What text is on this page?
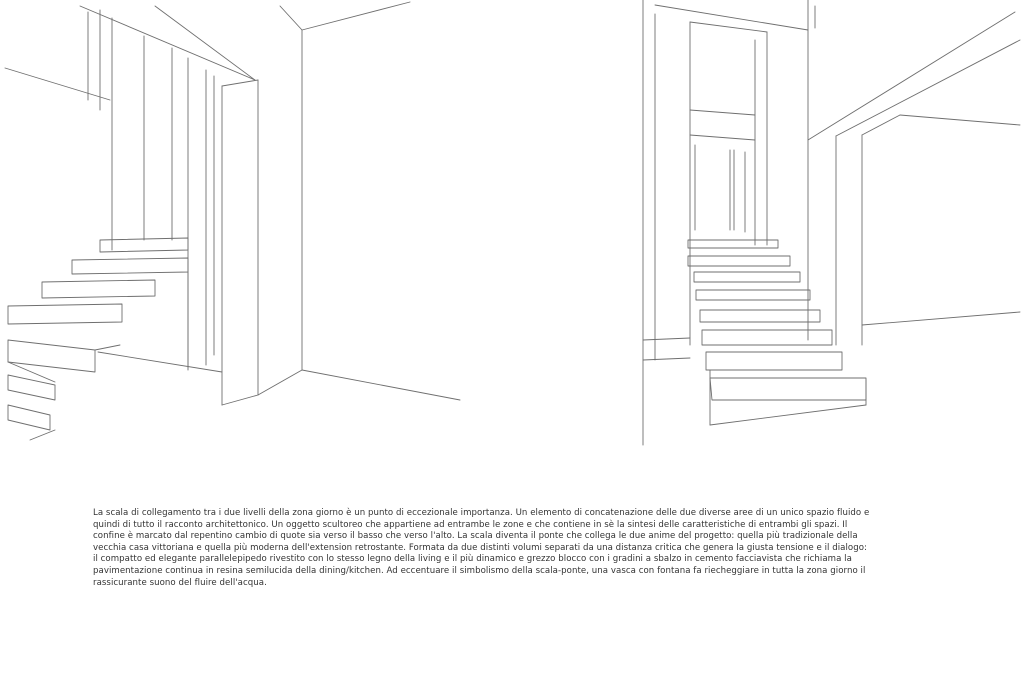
La scala di collegamento tra i due livelli della zona giorno è un punto di eccezionale importanza. Un elemento di concatenazione delle due diverse aree di un unico spazio fluido e quindi di tutto il racconto architettonico. Un oggetto scultoreo che appartiene ad entrambe le zone e che contiene in sè la sintesi delle caratteristiche di entrambi gli spazi. Il confine è marcato dal repentino cambio di quote sia verso il basso che verso l'alto. La scala diventa il ponte che collega le due anime del progetto: quella più tradizionale della vecchia casa vittoriana e quella più moderna dell'extension retrostante. Formata da due distinti volumi separati da una distanza critica che genera la giusta tensione e il dialogo: il compatto ed elegante parallelepipedo rivestito con lo stesso legno della living e il più dinamico e grezzo blocco con i gradini a sbalzo in cemento facciavista che richiama la pavimentazione continua in resina semilucida della dining/kitchen. Ad eccentuare il simbolismo della scala-ponte, una vasca con fontana fa riecheggiare in tutta la zona giorno il rassicurante suono del fluire dell'acqua.
